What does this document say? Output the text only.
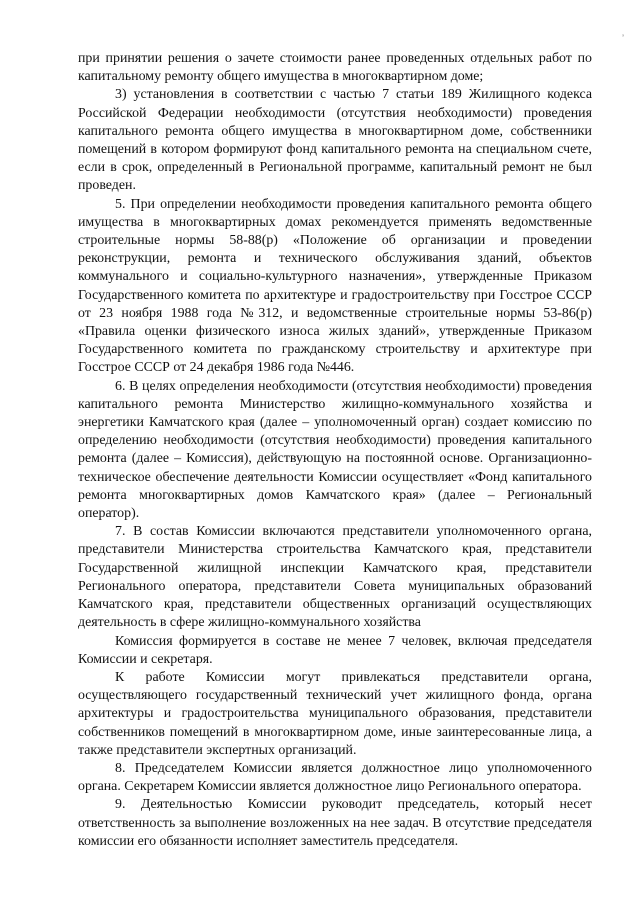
’

при принятии решения о зачете стоимости ранее проведенных отдельных работ по капитальному ремонту общего имущества в многоквартирном доме;

3) установления в соответствии с частью 7 статьи 189 Жилищного кодекса Российской Федерации необходимости (отсутствия необходимости) проведения капитального ремонта общего имущества в многоквартирном доме, собственники помещений в котором формируют фонд капитального ремонта на специальном счете, если в срок, определенный в Региональной программе, капитальный ремонт не был проведен.

5. При определении необходимости проведения капитального ремонта общего имущества в многоквартирных домах рекомендуется применять ведомственные строительные нормы 58-88(р) «Положение об организации и проведении реконструкции, ремонта и технического обслуживания зданий, объектов коммунального и социально-культурного назначения», утвержденные Приказом Государственного комитета по архитектуре и градостроительству при Госстрое СССР от 23 ноября 1988 года №312, и ведомственные строительные нормы 53-86(р) «Правила оценки физического износа жилых зданий», утвержденные Приказом Государственного комитета по гражданскому строительству и архитектуре при Госстрое СССР от 24 декабря 1986 года №446.

6. В целях определения необходимости (отсутствия необходимости) проведения капитального ремонта Министерство жилищно-коммунального хозяйства и энергетики Камчатского края (далее – уполномоченный орган) создает комиссию по определению необходимости (отсутствия необходимости) проведения капитального ремонта (далее – Комиссия), действующую на постоянной основе. Организационно-техническое обеспечение деятельности Комиссии осуществляет «Фонд капитального ремонта многоквартирных домов Камчатского края» (далее – Региональный оператор).

7. В состав Комиссии включаются представители уполномоченного органа, представители Министерства строительства Камчатского края, представители Государственной жилищной инспекции Камчатского края, представители Регионального оператора, представители Совета муниципальных образований Камчатского края, представители общественных организаций осуществляющих деятельность в сфере жилищно-коммунального хозяйства

Комиссия формируется в составе не менее 7 человек, включая председателя Комиссии и секретаря.

К работе Комиссии могут привлекаться представители органа, осуществляющего государственный технический учет жилищного фонда, органа архитектуры и градостроительства муниципального образования, представители собственников помещений в многоквартирном доме, иные заинтересованные лица, а также представители экспертных организаций.

8. Председателем Комиссии является должностное лицо уполномоченного органа. Секретарем Комиссии является должностное лицо Регионального оператора.

9. Деятельностью Комиссии руководит председатель, который несет ответственность за выполнение возложенных на нее задач. В отсутствие председателя комиссии его обязанности исполняет заместитель председателя.
